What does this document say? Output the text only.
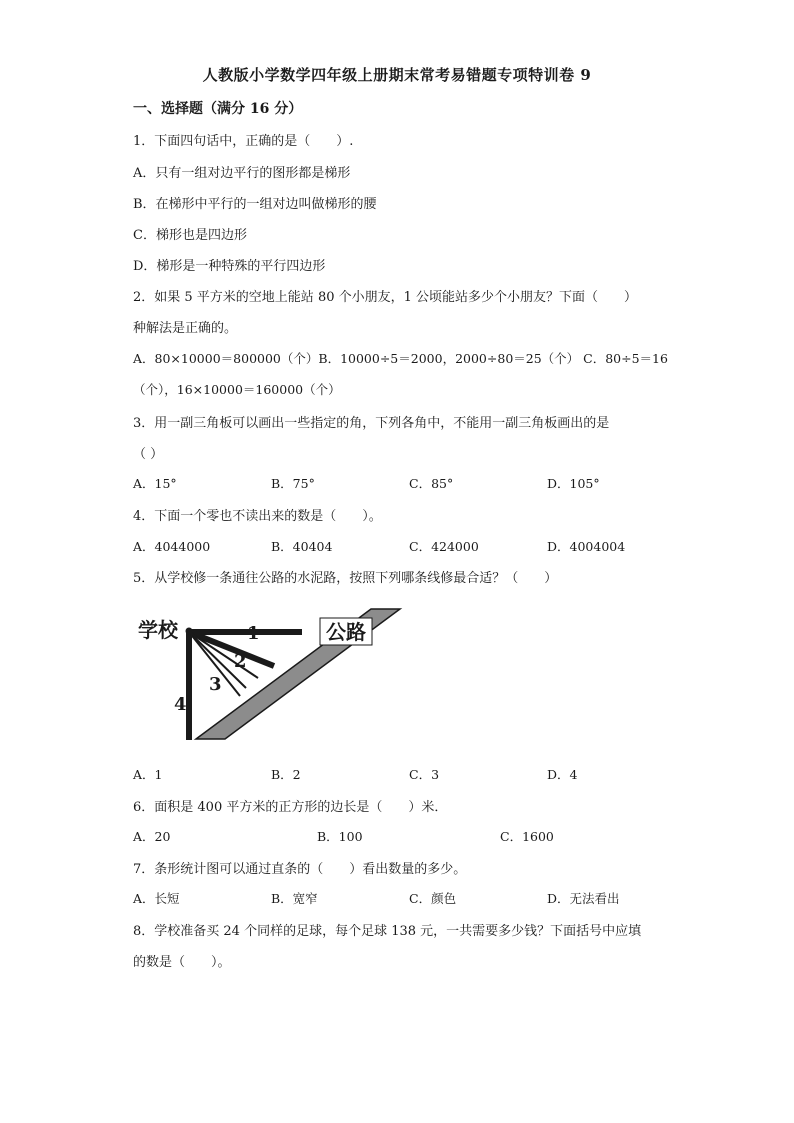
人教版小学数学四年级上册期末常考易错题专项特训卷 9
一、选择题（满分 16 分）
1．下面四句话中，正确的是（　　）.
A．只有一组对边平行的图形都是梯形
B．在梯形中平行的一组对边叫做梯形的腰
C．梯形也是四边形
D．梯形是一种特殊的平行四边形
2．如果 5 平方米的空地上能站 80 个小朋友，1 公顷能站多少个小朋友？下面（　　）
种解法是正确的。
A．80×10000＝800000（个）B．10000÷5＝2000，2000÷80＝25（个） C．80÷5＝16
（个），16×10000＝160000（个）
3．用一副三角板可以画出一些指定的角，下列各角中，不能用一副三角板画出的是
（ ）
A．15°	B．75°	C．85°	D．105°
4．下面一个零也不读出来的数是（　　）。
A．4044000	B．40404	C．424000	D．4004004
5．从学校修一条通往公路的水泥路，按照下列哪条线修最合适？（　　）
公路
学校	1
2
3
4
A．1	B．2	C．3	D．4
6．面积是 400 平方米的正方形的边长是（　　）米．
A．20	B．100	C．1600
7．条形统计图可以通过直条的（　　）看出数量的多少。
A．长短	B．宽窄	C．颜色	D．无法看出
8．学校准备买 24 个同样的足球，每个足球 138 元，一共需要多少钱？下面括号中应填
的数是（　　）。
